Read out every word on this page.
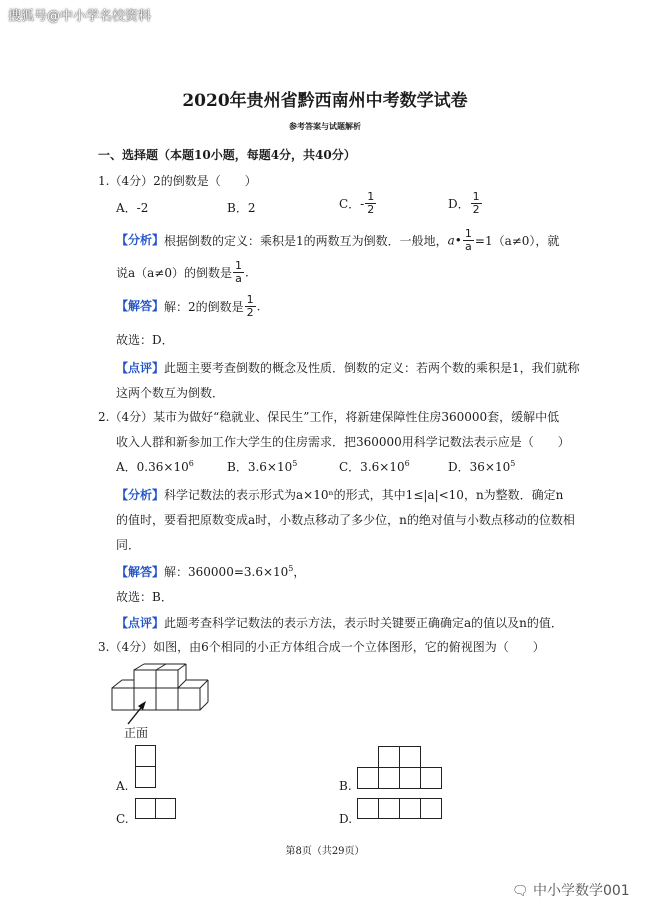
搜狐号@中小学名校资料
2020年贵州省黔西南州中考数学试卷
参考答案与试题解析
一、选择题（本题10小题，每题4分，共40分）
1.（4分）2的倒数是（　　）
A．-2	B．2	C．- $\frac{1}{2}$	D． $\frac{1}{2}$
【分析】根据倒数的定义：乘积是1的两数互为倒数．一般地，a• $\frac{1}{a} =1(a\ne 0)$，就
说a（a≠0）的倒数是 $\frac{1}{a}$ .
【解答】解：2的倒数是 $\frac{1}{2}$ .
故选：D．
【点评】此题主要考查倒数的概念及性质．倒数的定义：若两个数的乘积是1，我们就称
这两个数互为倒数．
2.（4分）某市为做好“稳就业、保民生”工作，将新建保障性住房360000套，缓解中低
收入人群和新参加工作大学生的住房需求．把360000用科学记数法表示应是（　　）
A．$0.36\times 10^6$	B．$3.6\times 10^5$	C．$3.6\times 10^6$	D．$36\times 10^5$
【分析】科学记数法的表示形式为a×10ⁿ的形式，其中1≤|a|<10，n为整数．确定n
的值时，要看把原数变成a时，小数点移动了多少位，n的绝对值与小数点移动的位数相
同．
【解答】解：$360000=3.6\times 10^5$，
故选：B．
【点评】此题考查科学记数法的表示方法，表示时关键要正确确定a的值以及n的值．
3.（4分）如图，由6个相同的小正方体组合成一个立体图形，它的俯视图为（　　）
正面
A.	B.
C.	D.
第8页（共29页）
🗨 中小学数学001
